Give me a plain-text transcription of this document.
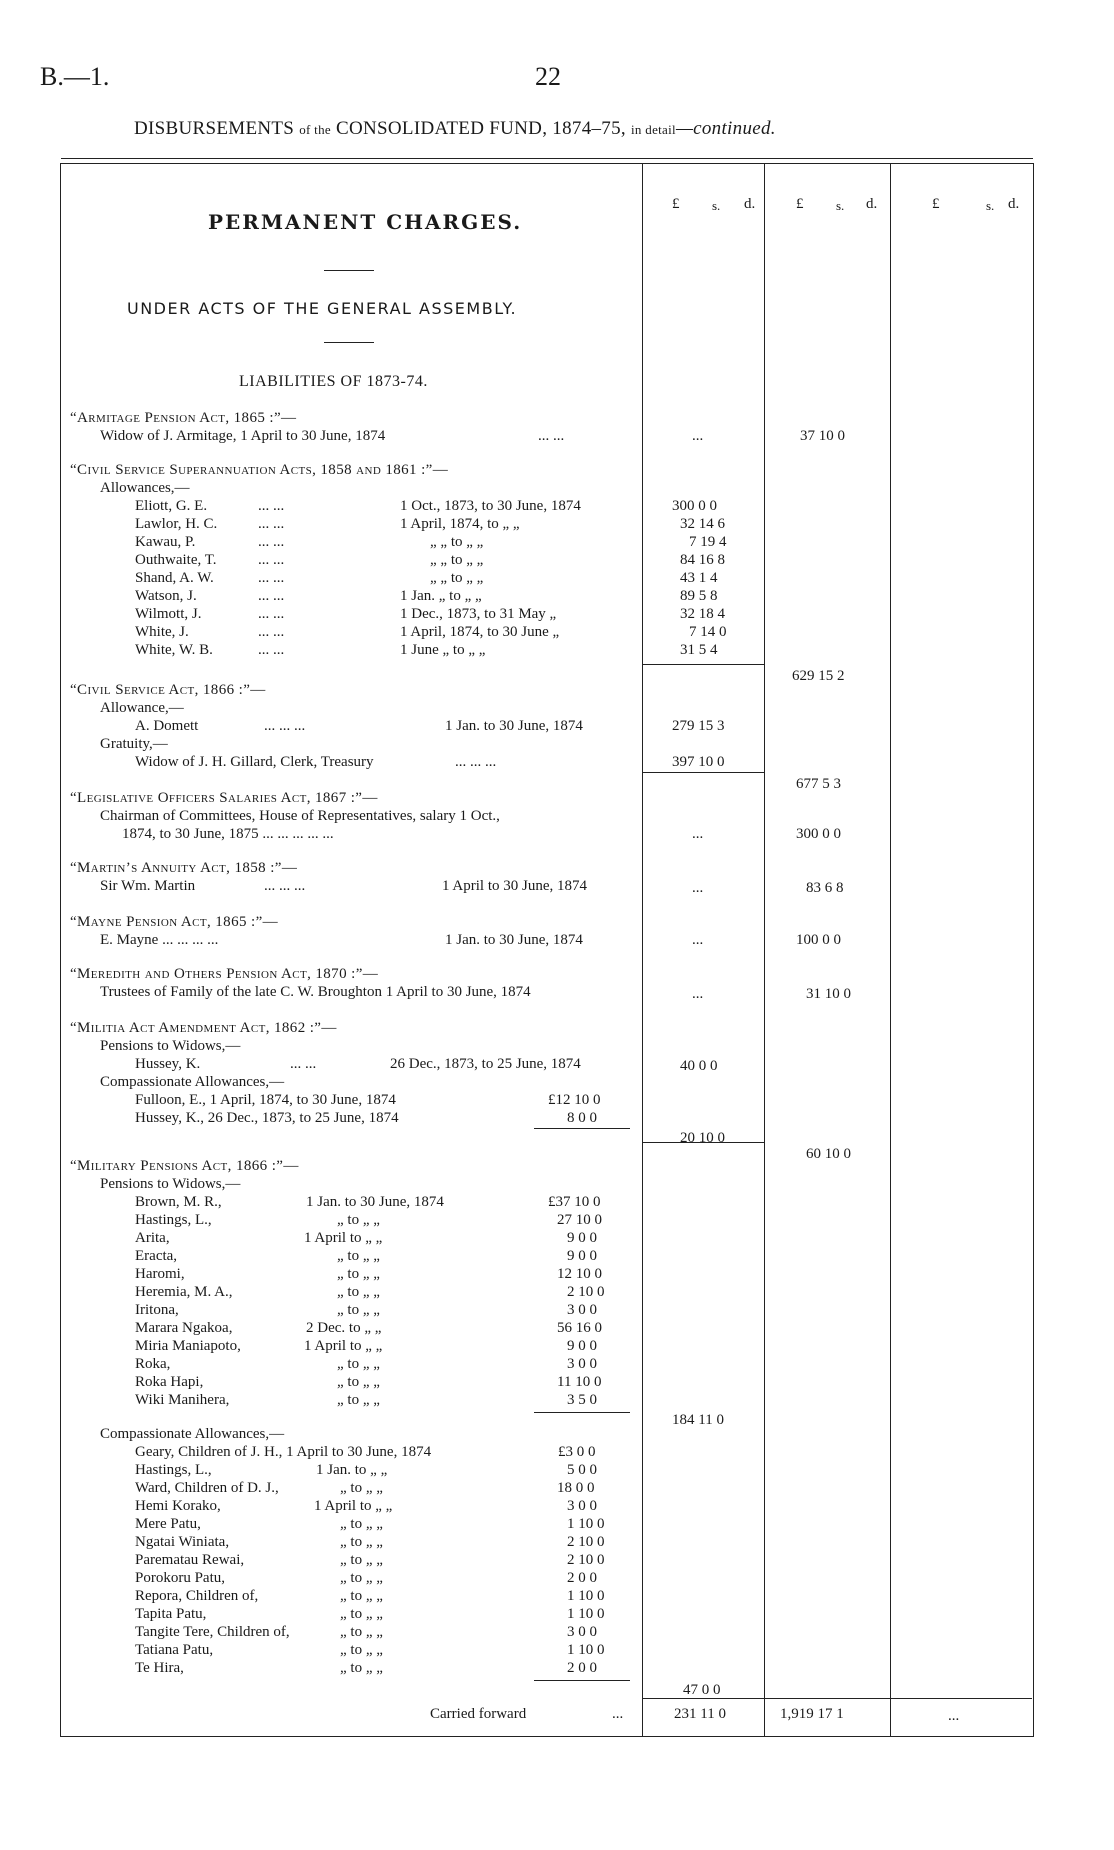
B.—1.	22
DISBURSEMENTS of the CONSOLIDATED FUND, 1874–75, in detail—continued.
£	s. d.	£	s. d.	£	s. d.
PERMANENT CHARGES.
UNDER ACTS OF THE GENERAL ASSEMBLY.
LIABILITIES OF 1873-74.
“Armitage Pension Act, 1865 :”—
Widow of J. Armitage, 1 April to 30 June, 1874	... ...	...	37 10 0
“Civil Service Superannuation Acts, 1858 and 1861 :”—
Allowances,—
Eliott, G. E.	... ...	1 Oct., 1873, to 30 June, 1874	300 0 0
Lawlor, H. C.	... ...	1 April, 1874, to „ „	32 14 6
Kawau, P.	... ...	„ „ to „ „	7 19 4
Outhwaite, T.	... ...	„ „ to „ „	84 16 8
Shand, A. W.	... ...	„ „ to „ „	43 1 4
Watson, J.	... ...	1 Jan. „ to „ „	89 5 8
Wilmott, J.	... ...	1 Dec., 1873, to 31 May „	32 18 4
White, J.	... ...	1 April, 1874, to 30 June „	7 14 0
White, W. B.	... ...	1 June „ to „ „	31 5 4
629 15 2
“Civil Service Act, 1866 :”—
Allowance,—
A. Domett	... ... ...	1 Jan. to 30 June, 1874	279 15 3
Gratuity,—
Widow of J. H. Gillard, Clerk, Treasury	... ... ...	397 10 0
677 5 3
“Legislative Officers Salaries Act, 1867 :”—
Chairman of Committees, House of Representatives, salary 1 Oct.,
1874, to 30 June, 1875 ... ... ... ... ...	...	300 0 0
“Martin’s Annuity Act, 1858 :”—
Sir Wm. Martin	... ... ...	1 April to 30 June, 1874	...	83 6 8
“Mayne Pension Act, 1865 :”—
E. Mayne ... ... ... ...	1 Jan. to 30 June, 1874	...	100 0 0
“Meredith and Others Pension Act, 1870 :”—
Trustees of Family of the late C. W. Broughton 1 April to 30 June, 1874	...	31 10 0
“Militia Act Amendment Act, 1862 :”—
Pensions to Widows,—
Hussey, K.	... ...	26 Dec., 1873, to 25 June, 1874	40 0 0
Compassionate Allowances,—
Fulloon, E., 1 April, 1874, to 30 June, 1874	£12 10 0
Hussey, K., 26 Dec., 1873, to 25 June, 1874	8 0 0
20 10 0
60 10 0
“Military Pensions Act, 1866 :”—
Pensions to Widows,—
Brown, M. R.,	1 Jan. to 30 June, 1874	£37 10 0
Hastings, L.,	„ to „ „	27 10 0
Arita,	1 April to „ „	9 0 0
Eracta,	„ to „ „	9 0 0
Haromi,	„ to „ „	12 10 0
Heremia, M. A.,	„ to „ „	2 10 0
Iritona,	„ to „ „	3 0 0
Marara Ngakoa,	2 Dec. to „ „	56 16 0
Miria Maniapoto,	1 April to „ „	9 0 0
Roka,	„ to „ „	3 0 0
Roka Hapi,	„ to „ „	11 10 0
Wiki Manihera,	„ to „ „	3 5 0
184 11 0
Compassionate Allowances,—
Geary, Children of J. H., 1 April to 30 June, 1874	£3 0 0
Hastings, L.,	1 Jan. to „ „	5 0 0
Ward, Children of D. J.,	„ to „ „	18 0 0
Hemi Korako,	1 April to „ „	3 0 0
Mere Patu,	„ to „ „	1 10 0
Ngatai Winiata,	„ to „ „	2 10 0
Parematau Rewai,	„ to „ „	2 10 0
Porokoru Patu,	„ to „ „	2 0 0
Repora, Children of,	„ to „ „	1 10 0
Tapita Patu,	„ to „ „	1 10 0
Tangite Tere, Children of,	„ to „ „	3 0 0
Tatiana Patu,	„ to „ „	1 10 0
Te Hira,	„ to „ „	2 0 0
47 0 0
Carried forward	...	231 11 0	1,919 17 1	...
